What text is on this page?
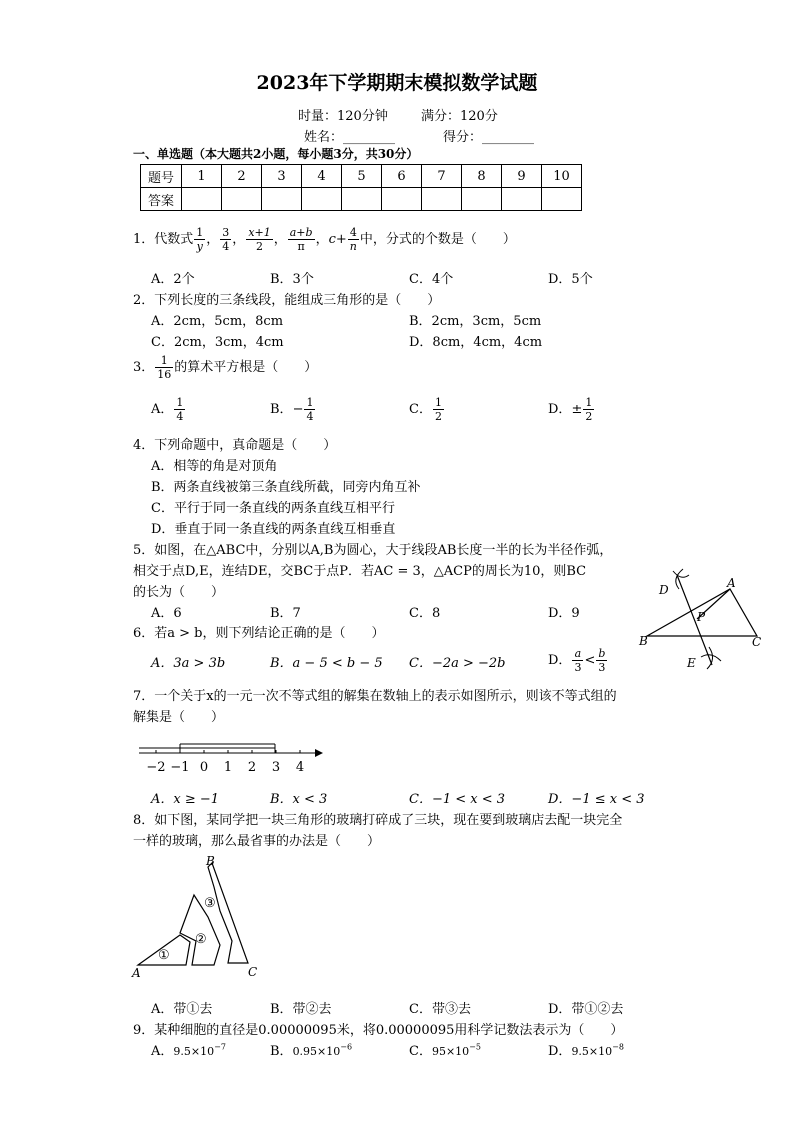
2023年下学期期末模拟数学试题
时量：120分钟	满分：120分
姓名：________	得分：________
一、单选题（本大题共2小题，每小题3分，共30分）
题号	1	2	3	4	5	6	7	8	9	10
答案										
1．代数式 $\frac{1}{y}$ ， $\frac{3}{4}$ ， $\frac{x+1}{2}$ ， $\frac{a+b}{\pi}$ ，$c+ \frac{4}{n}$ 中，分式的个数是（　　）
A．2个	B．3个	C．4个	D．5个
2．下列长度的三条线段，能组成三角形的是（　　）
A．2cm，5cm，8cm	B．2cm，3cm，5cm
C．2cm，3cm，4cm	D．8cm，4cm，4cm
3． $\frac{1}{16}$ 的算术平方根是（　　）
A． $\frac{1}{4}$	B．− $\frac{1}{4}$	C． $\frac{1}{2}$	D．± $\frac{1}{2}$
4．下列命题中，真命题是（　　）
A．相等的角是对顶角
B．两条直线被第三条直线所截，同旁内角互补
C．平行于同一条直线的两条直线互相平行
D．垂直于同一条直线的两条直线互相垂直
5．如图，在△ABC中，分别以A,B为圆心，大于线段AB长度一半的长为半径作弧，
相交于点D,E，连结DE，交BC于点P．若AC = 3，△ACP的周长为10，则BC
的长为（　　）
A．6	B．7	C．8	D．9
A
B	C
D
E
P
6．若a > b，则下列结论正确的是（　　）
A．3a > 3b	B．a − 5 < b − 5 C．−2a > −2b	D． $\frac{a}{3} < \frac{b}{3}$
7．一个关于x的一元一次不等式组的解集在数轴上的表示如图所示，则该不等式组的
解集是（　　）
−2 −1 0 1 2 3 4
A．x ≥ −1	B．x < 3	C．−1 < x < 3	D．−1 ≤ x < 3
8．如下图，某同学把一块三角形的玻璃打碎成了三块，现在要到玻璃店去配一块完全
一样的玻璃，那么最省事的办法是（　　）
A
B
C
①
②
③
A．带①去	B．带②去	C．带③去	D．带①②去
9．某种细胞的直径是0.00000095米，将0.00000095用科学记数法表示为（　　）
A．$9.5\times 10^{-7}$	B．$0.95\times 10^{-6}$	C．$95\times 10^{-5}$	D．$9.5\times 10^{-8}$
